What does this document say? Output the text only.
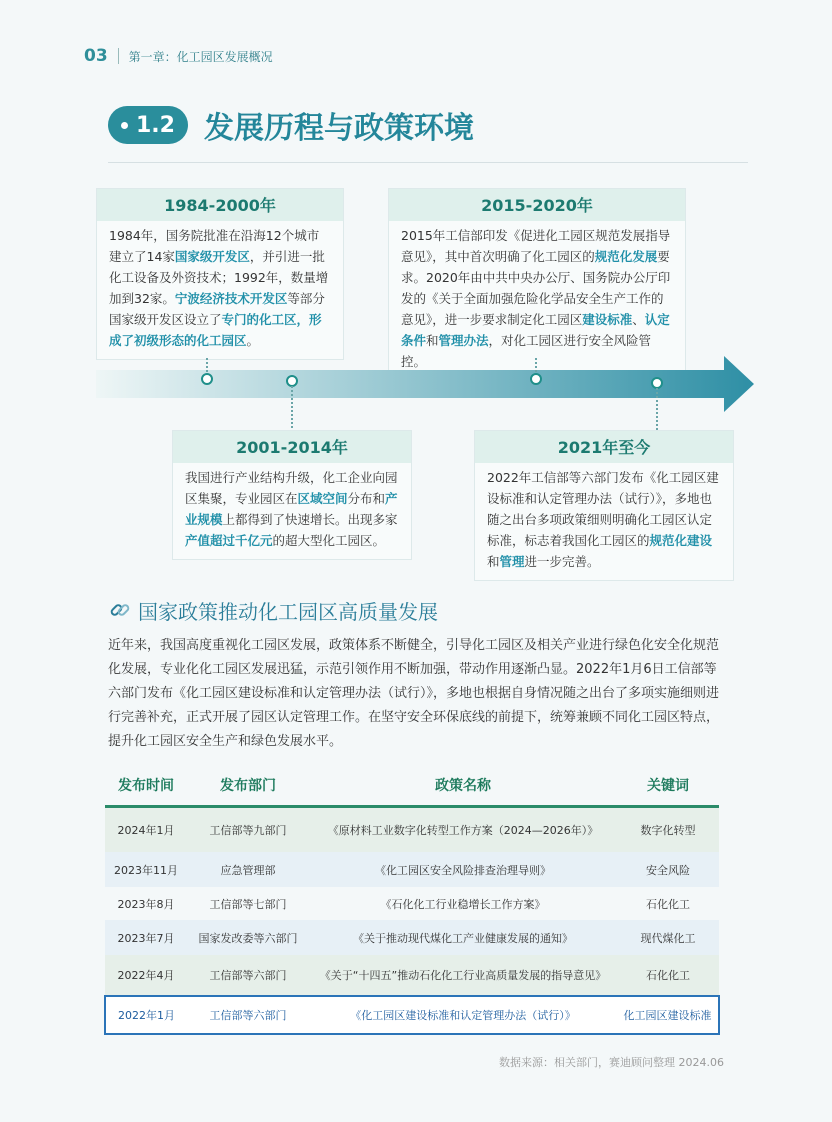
03 第一章：化工园区发展概况
1.2 发展历程与政策环境
1984-2000年
1984年，国务院批准在沿海12个城市建立了14家国家级开发区，并引进一批化工设备及外资技术；1992年，数量增加到32家。宁波经济技术开发区等部分国家级开发区设立了专门的化工区，形成了初级形态的化工园区。
2015-2020年
2015年工信部印发《促进化工园区规范发展指导意见》，其中首次明确了化工园区的规范化发展要求。2020年由中共中央办公厅、国务院办公厅印发的《关于全面加强危险化学品安全生产工作的意见》，进一步要求制定化工园区建设标准、认定条件和管理办法，对化工园区进行安全风险管控。
2001-2014年
我国进行产业结构升级，化工企业向园区集聚，专业园区在区域空间分布和产业规模上都得到了快速增长。出现多家产值超过千亿元的超大型化工园区。
2021年至今
2022年工信部等六部门发布《化工园区建设标准和认定管理办法（试行）》，多地也随之出台多项政策细则明确化工园区认定标准，标志着我国化工园区的规范化建设和管理进一步完善。
国家政策推动化工园区高质量发展
近年来，我国高度重视化工园区发展，政策体系不断健全，引导化工园区及相关产业进行绿色化安全化规范化发展，专业化化工园区发展迅猛，示范引领作用不断加强，带动作用逐渐凸显。2022年1月6日工信部等六部门发布《化工园区建设标准和认定管理办法（试行）》，多地也根据自身情况随之出台了多项实施细则进行完善补充，正式开展了园区认定管理工作。在坚守安全环保底线的前提下，统筹兼顾不同化工园区特点，提升化工园区安全生产和绿色发展水平。
发布时间	发布部门	政策名称	关键词
2024年1月	工信部等九部门	《原材料工业数字化转型工作方案（2024—2026年）》	数字化转型
2023年11月	应急管理部	《化工园区安全风险排查治理导则》	安全风险
2023年8月	工信部等七部门	《石化化工行业稳增长工作方案》	石化化工
2023年7月	国家发改委等六部门	《关于推动现代煤化工产业健康发展的通知》	现代煤化工
2022年4月	工信部等六部门	《关于“十四五”推动石化化工行业高质量发展的指导意见》	石化化工
2022年1月	工信部等六部门	《化工园区建设标准和认定管理办法（试行）》	化工园区建设标准
数据来源：相关部门，赛迪顾问整理 2024.06
